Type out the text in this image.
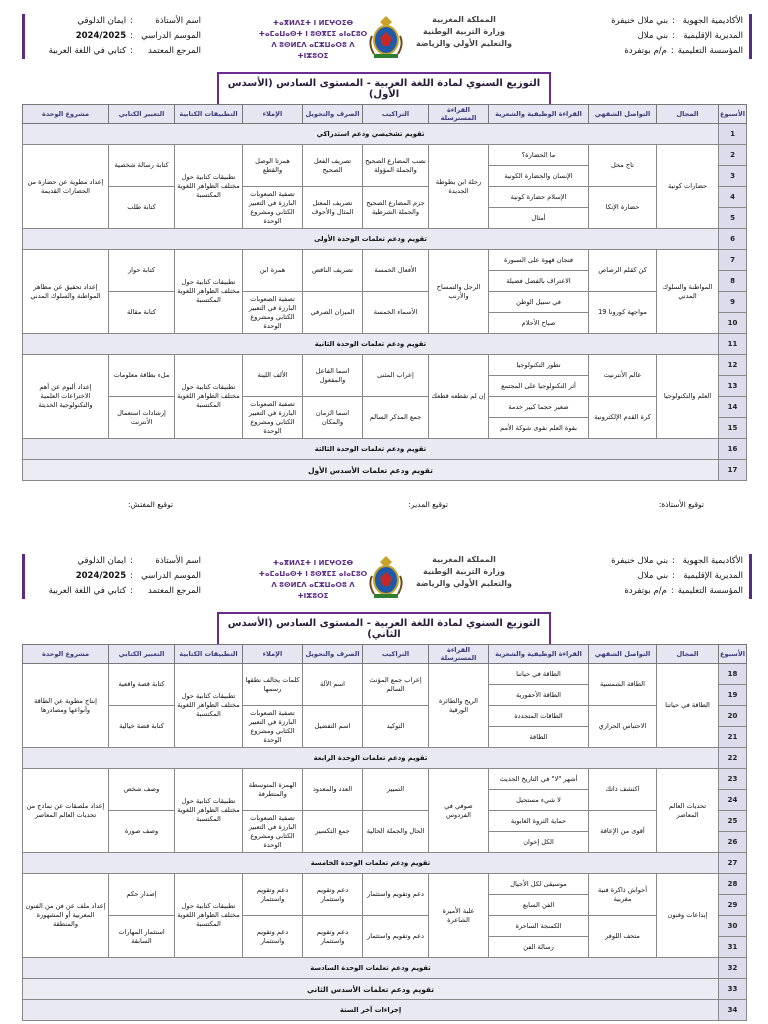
الأكاديمية الجهوية
:
بني ملال خنيفرة
المديرية الإقليمية
:
بني ملال
المؤسسة التعليمية
:
م/م بوتفردة
المملكة المغربية
وزارة التربية الوطنية
والتعليم الأولي والرياضة
ⵜⴰⴳⵍⴷⵉⵜ ⵏ ⵍⵎⵖⵔⵉⴱ
ⵜⴰⵎⴰⵡⴰⵙⵜ ⵏ ⵓⵙⴳⵎⵉ ⴰⵏⴰⵎⵓⵔ
ⴷ ⵓⵙⵍⵎⴷ ⴰⵎⵣⵡⴰⵔⵓ ⴷ ⵜⵏⵣⵓⵔⵉ
اسم الأستاذة
:
ايمان الدلوقي
الموسم الدراسي
:
2024/2025
المرجع المعتمد
:
كتابي في اللغة العربية
التوزيع السنوي لمادة اللغة العربية - المستوى السادس (الأسدس الأول)
الأسبوع	المجال	التواصل الشفهي	القراءة الوظيفية والشعرية	القراءة المسترسلة	التراكيب	الصرف والتحويل	الإملاء	التطبيقات الكتابية	التعبير الكتابي	مشروع الوحدة
1	تقويم تشخيصي ودعم استدراكي									
2	حضارات كونية	تاج محل	ما الحضارة؟	رحلة ابن بطوطة الجديدة	نصب المضارع الصحيح والجملة المؤولة	تصريف الفعل الصحيح	همزتا الوصل والقطع	تطبيقات كتابية حول مختلف الظواهر اللغوية المكتسبة	كتابة رسالة شخصية	إعداد مطوية عن حضارة من الحضارات القديمة
3			الإنسان والحضارة الكونية							
4		حضارة الإنكا	الإسلام حضارة كونية		جزم المضارع الصحيح والجملة الشرطية	تصريف المعتل المثال والأجوف	تصفية الصعوبات البارزة في التعبير الكتابي ومشروع الوحدة		كتابة طلب	
5			أمثال							
6	تقويم ودعم تعلمات الوحدة الأولى									
7	المواطنة والسلوك المدني	كن كقلم الرصاص	فنجان قهوة على السبورة	الرجل والتمساح والأرنب	الأفعال الخمسة	تصريف الناقص	همزة ابن	تطبيقات كتابية حول مختلف الظواهر اللغوية المكتسبة	كتابة حوار	إعداد تحقيق عن مظاهر المواطنة والسلوك المدني
8			الاعتراف بالفضل فضيلة							
9		مواجهة كورونا 19	في سبيل الوطن		الأسماء الخمسة	الميزان الصرفي	تصفية الصعوبات البارزة في التعبير الكتابي ومشروع الوحدة		كتابة مقالة	
10			صباح الأحلام							
11	تقويم ودعم تعلمات الوحدة الثانية									
12	العلم والتكنولوجيا	عالم الأنترنيت	تطور التكنولوجيا	إن لم تقطعه قطعك	إعراب المثنى	اسما الفاعل والمفعول	الألف اللينة	تطبيقات كتابية حول مختلف الظواهر اللغوية المكتسبة	ملء بطاقة معلومات	إعداد ألبوم عن أهم الاختراعات العلمية والتكنولوجية الحديثة
13			أثر التكنولوجيا على المجتمع							
14		كرة القدم الإلكترونية	صغير حجما كبير خدمة		جمع المذكر السالم	اسما الزمان والمكان	تصفية الصعوبات البارزة في التعبير الكتابي ومشروع الوحدة		إرشادات استعمال الأنترنت	
15			بقوة العلم نقوى شوكة الأمم							
16	تقويم ودعم تعلمات الوحدة الثالثة									
17	تقويم ودعم تعلمات الأسدس الأول									
توقيع الأستاذة:
توقيع المدير:
توقيع المفتش:
الأكاديمية الجهوية
:
بني ملال خنيفرة
المديرية الإقليمية
:
بني ملال
المؤسسة التعليمية
:
م/م بوتفردة
المملكة المغربية
وزارة التربية الوطنية
والتعليم الأولي والرياضة
ⵜⴰⴳⵍⴷⵉⵜ ⵏ ⵍⵎⵖⵔⵉⴱ
ⵜⴰⵎⴰⵡⴰⵙⵜ ⵏ ⵓⵙⴳⵎⵉ ⴰⵏⴰⵎⵓⵔ
ⴷ ⵓⵙⵍⵎⴷ ⴰⵎⵣⵡⴰⵔⵓ ⴷ ⵜⵏⵣⵓⵔⵉ
اسم الأستاذة
:
ايمان الدلوقي
الموسم الدراسي
:
2024/2025
المرجع المعتمد
:
كتابي في اللغة العربية
التوزيع السنوي لمادة اللغة العربية - المستوى السادس (الأسدس الثاني)
الأسبوع	المجال	التواصل الشفهي	القراءة الوظيفية والشعرية	القراءة المسترسلة	التراكيب	الصرف والتحويل	الإملاء	التطبيقات الكتابية	التعبير الكتابي	مشروع الوحدة
18	الطاقة في حياتنا	الطاقة الشمسية	الطاقة في حياتنا	الريح والطائرة الورقية	إعراب جمع المؤنث السالم	اسم الآلة	كلمات يخالف نطقها رسمها	تطبيقات كتابية حول مختلف الظواهر اللغوية المكتسبة	كتابة قصة واقعية	إنتاج مطوية عن الطاقة وأنواعها ومصادرها
19			الطاقة الأحفورية							
20		الاحتباس الحراري	الطاقات المتجددة		التوكيد	اسم التفضيل	تصفية الصعوبات البارزة في التعبير الكتابي ومشروع الوحدة		كتابة قصة خيالية	
21			الطاقة							
22	تقويم ودعم تعلمات الوحدة الرابعة									
23	تحديات العالم المعاصر	اكتشف ذاتك	أشهر "لا" في التاريخ الحديث	صوفي في الفردوس	التمييز	العدد والمعدود	الهمزة المتوسطة والمتطرفة	تطبيقات كتابية حول مختلف الظواهر اللغوية المكتسبة	وصف شخص	إعداد ملصقات عن نماذج من تحديات العالم المعاصر
24			لا شيء مستحيل							
25		أقوى من الإعاقة	حماية الثروة الغابوية		الحال والجملة الحالية	جمع التكسير	تصفية الصعوبات البارزة في التعبير الكتابي ومشروع الوحدة		وصف صورة	
26			الكل إخوان							
27	تقويم ودعم تعلمات الوحدة الخامسة									
28	إبداعات وفنون	أحواش ذاكرة فنية مغربية	موسيقى لكل الأجيال	علبة الأميرة الشاعرة	دعم وتقويم واستثمار	دعم وتقويم واستثمار	دعم وتقويم واستثمار	تطبيقات كتابية حول مختلف الظواهر اللغوية المكتسبة	إصدار حكم	إعداد ملف عن فن من الفنون المغربية أو المشهورة والمنطقة
29			الفن السابع							
30		متحف اللوفر	الكمنجة الساحرة		دعم وتقويم واستثمار	دعم وتقويم واستثمار	دعم وتقويم واستثمار		استثمار المهارات السابقة	
31			رسالة الفن							
32	تقويم ودعم تعلمات الوحدة السادسة									
33	تقويم ودعم تعلمات الأسدس الثاني									
34	إجراءات آخر السنة									
